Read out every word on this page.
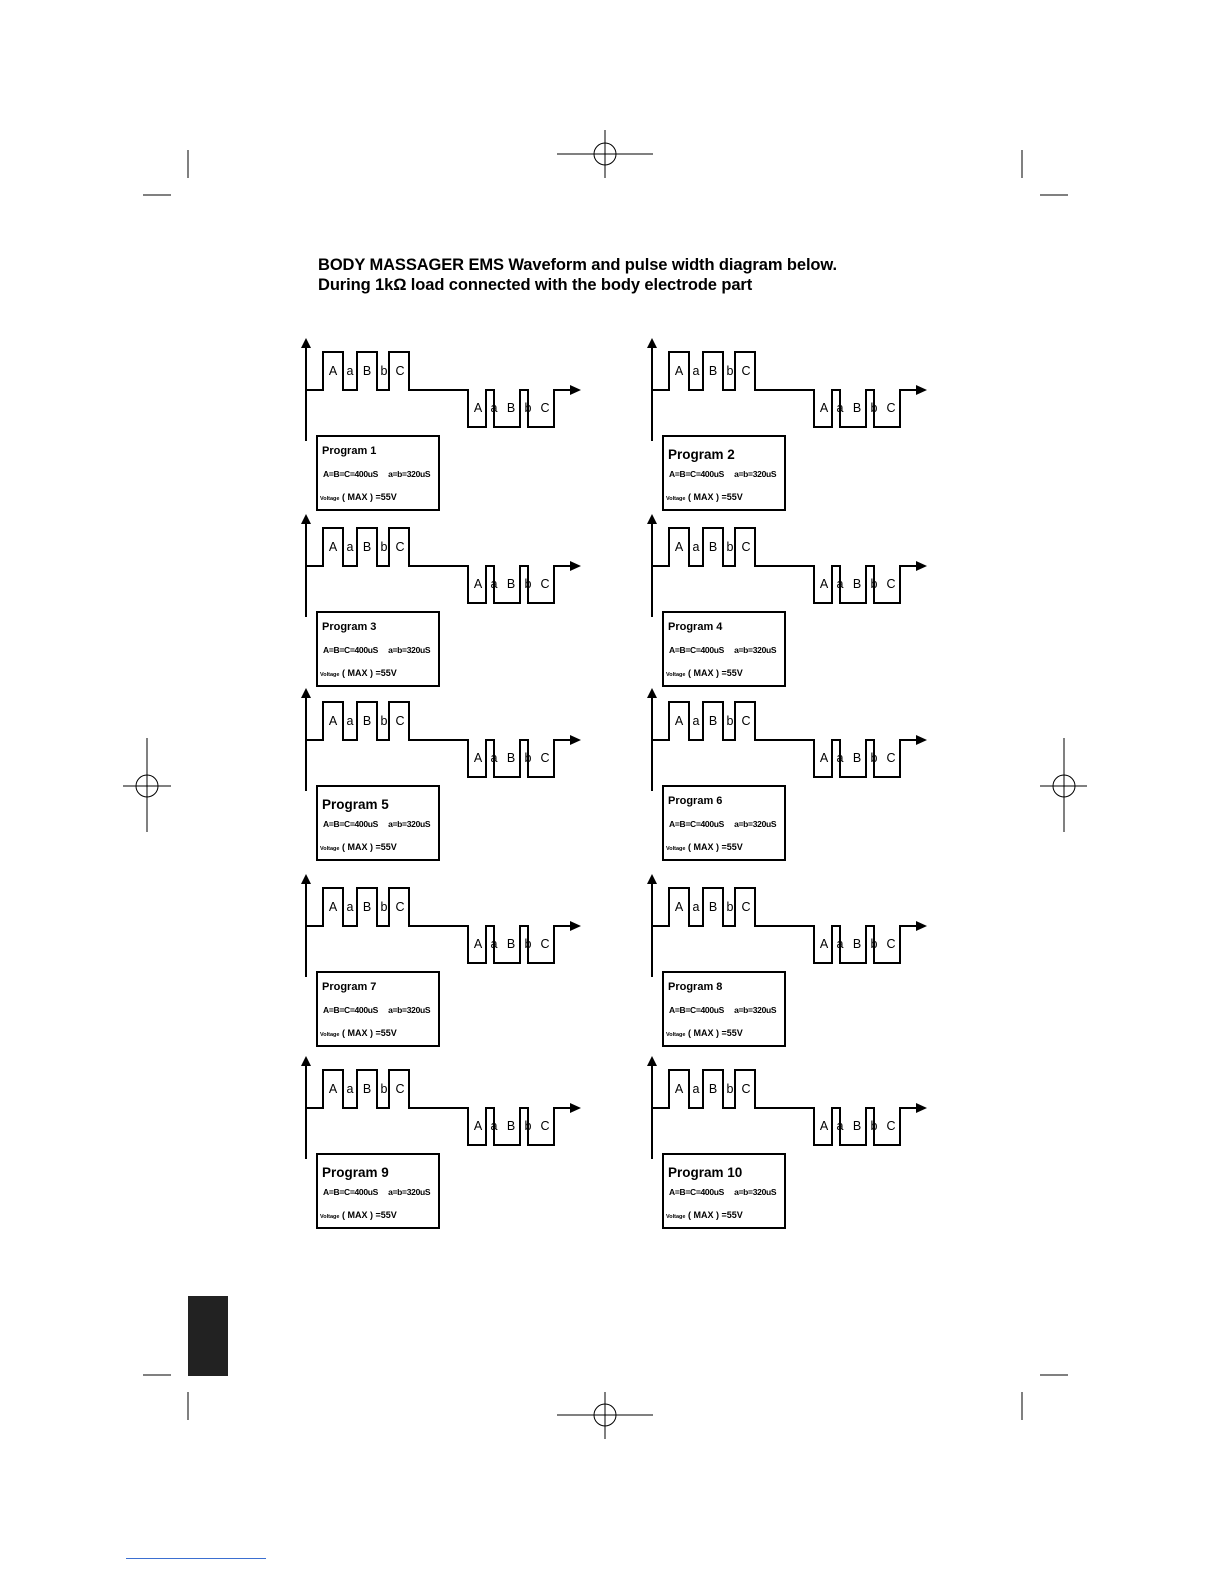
BODY MASSAGER EMS Waveform and pulse width diagram below.
During 1kΩ load connected with the body electrode part
A
A
a
a
B
B
b
b
C
C
Program 1
A=B=C=400uS a=b=320uS
Voltage ( MAX ) =55V
A
A
a
a
B
B
b
b
C
C
Program 2
A=B=C=400uS a=b=320uS
Voltage ( MAX ) =55V
A
A
a
a
B
B
b
b
C
C
Program 3
A=B=C=400uS a=b=320uS
Voltage ( MAX ) =55V
A
A
a
a
B
B
b
b
C
C
Program 4
A=B=C=400uS a=b=320uS
Voltage ( MAX ) =55V
A
A
a
a
B
B
b
b
C
C
Program 5
A=B=C=400uS a=b=320uS
Voltage ( MAX ) =55V
A
A
a
a
B
B
b
b
C
C
Program 6
A=B=C=400uS a=b=320uS
Voltage ( MAX ) =55V
A
A
a
a
B
B
b
b
C
C
Program 7
A=B=C=400uS a=b=320uS
Voltage ( MAX ) =55V
A
A
a
a
B
B
b
b
C
C
Program 8
A=B=C=400uS a=b=320uS
Voltage ( MAX ) =55V
A
A
a
a
B
B
b
b
C
C
Program 9
A=B=C=400uS a=b=320uS
Voltage ( MAX ) =55V
A
A
a
a
B
B
b
b
C
C
Program 10
A=B=C=400uS a=b=320uS
Voltage ( MAX ) =55V
